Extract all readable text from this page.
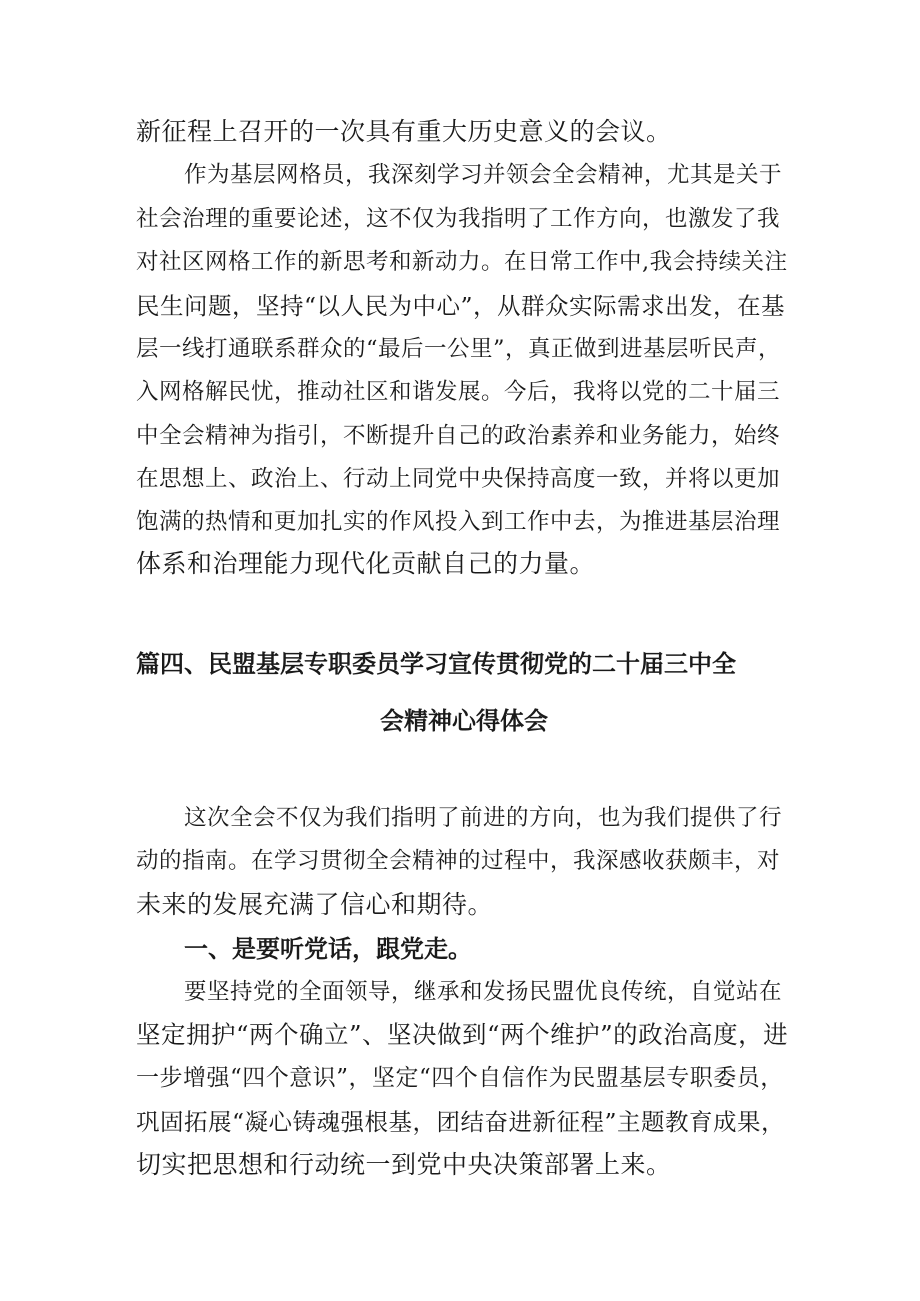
新征程上召开的一次具有重大历史意义的会议。
作为基层网格员，我深刻学习并领会全会精神，尤其是关于
社会治理的重要论述，这不仅为我指明了工作方向，也激发了我
对社区网格工作的新思考和新动力。在日常工作中,我会持续关注
民生问题，坚持“以人民为中心”，从群众实际需求出发，在基
层一线打通联系群众的“最后一公里”，真正做到进基层听民声，
入网格解民忧，推动社区和谐发展。今后，我将以党的二十届三
中全会精神为指引，不断提升自己的政治素养和业务能力，始终
在思想上、政治上、行动上同党中央保持高度一致，并将以更加
饱满的热情和更加扎实的作风投入到工作中去，为推进基层治理
体系和治理能力现代化贡献自己的力量。
篇四、民盟基层专职委员学习宣传贯彻党的二十届三中全
会精神心得体会
这次全会不仅为我们指明了前进的方向，也为我们提供了行
动的指南。在学习贯彻全会精神的过程中，我深感收获颇丰，对
未来的发展充满了信心和期待。
一、是要听党话，跟党走。
要坚持党的全面领导，继承和发扬民盟优良传统，自觉站在
坚定拥护“两个确立”、坚决做到“两个维护”的政治高度，进
一步增强“四个意识”，坚定“四个自信作为民盟基层专职委员，
巩固拓展“凝心铸魂强根基，团结奋进新征程”主题教育成果，
切实把思想和行动统一到党中央决策部署上来。
